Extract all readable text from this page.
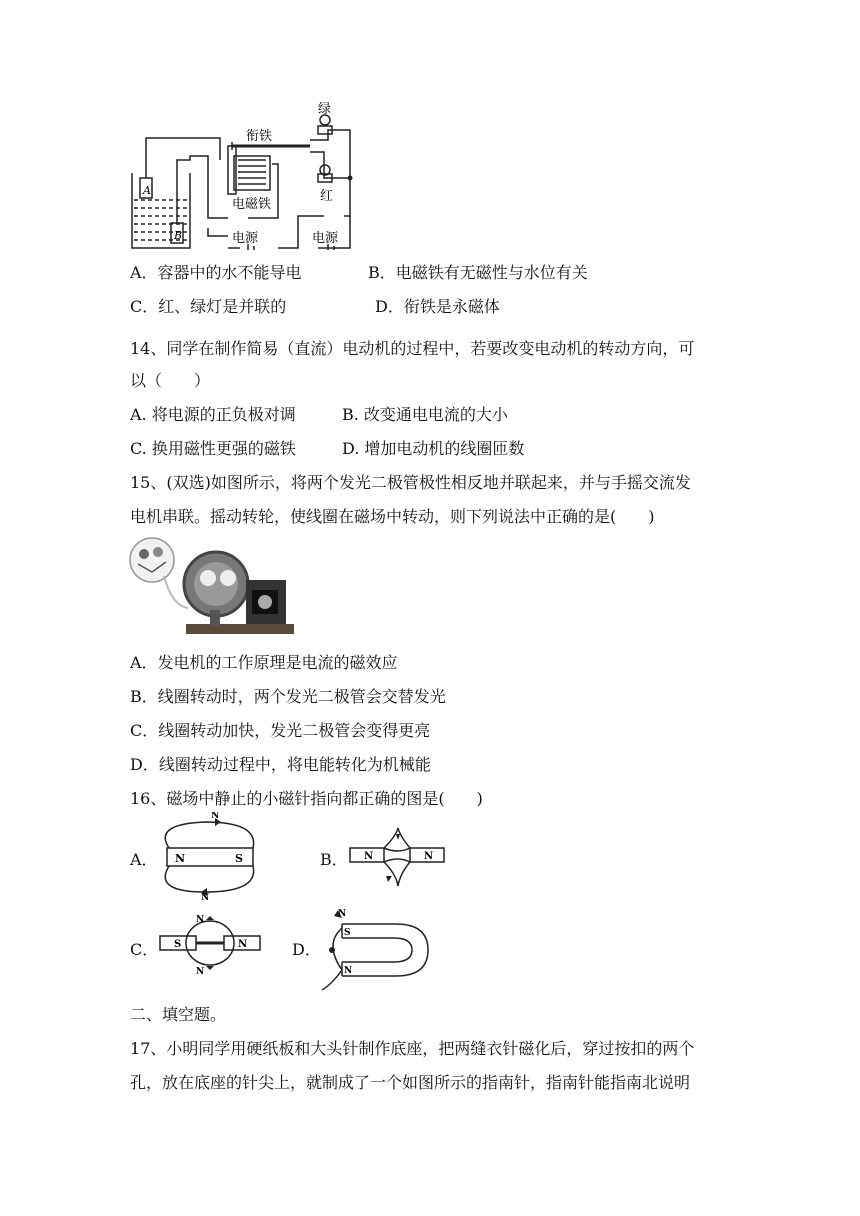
A
B
绿
衔铁
红
电磁铁
电源	电源
A．容器中的水不能导电	B．电磁铁有无磁性与水位有关
C．红、绿灯是并联的	D．衔铁是永磁体
14、同学在制作简易（直流）电动机的过程中，若要改变电动机的转动方向，可
以（　　）
A. 将电源的正负极对调	B. 改变通电电流的大小
C. 换用磁性更强的磁铁	D. 增加电动机的线圈匝数
15、(双选)如图所示，将两个发光二极管极性相反地并联起来，并与手摇交流发
电机串联。摇动转轮，使线圈在磁场中转动，则下列说法中正确的是(　　)
A．发电机的工作原理是电流的磁效应
B．线圈转动时，两个发光二极管会交替发光
C．线圈转动加快，发光二极管会变得更亮
D．线圈转动过程中，将电能转化为机械能
16、磁场中静止的小磁针指向都正确的图是(　　)
A． N	S
N
N
B． N	N
C． S	N
N
N
D．
S
N
N
二、填空题。
17、小明同学用硬纸板和大头针制作底座，把两缝衣针磁化后，穿过按扣的两个
孔，放在底座的针尖上，就制成了一个如图所示的指南针，指南针能指南北说明
